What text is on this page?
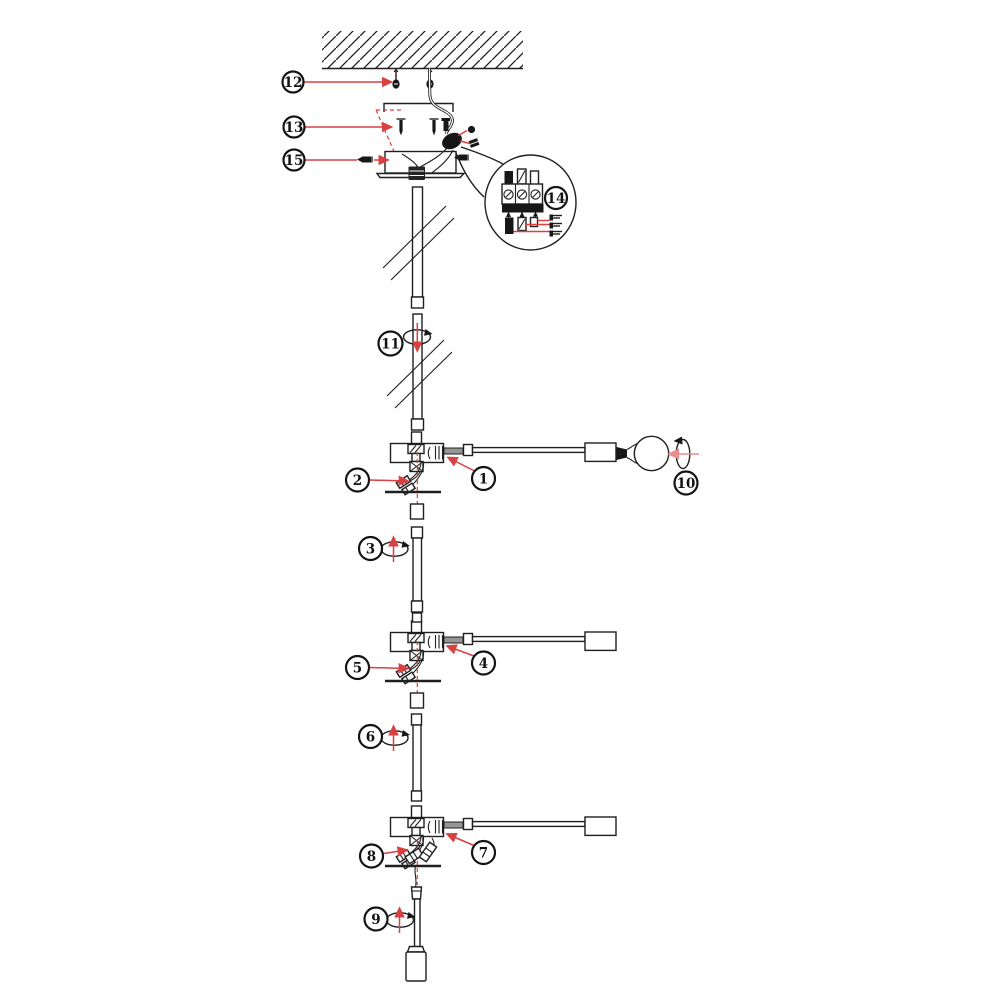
1
2
3
4
5
6
7
8
9
10
11
12
13
14
15
